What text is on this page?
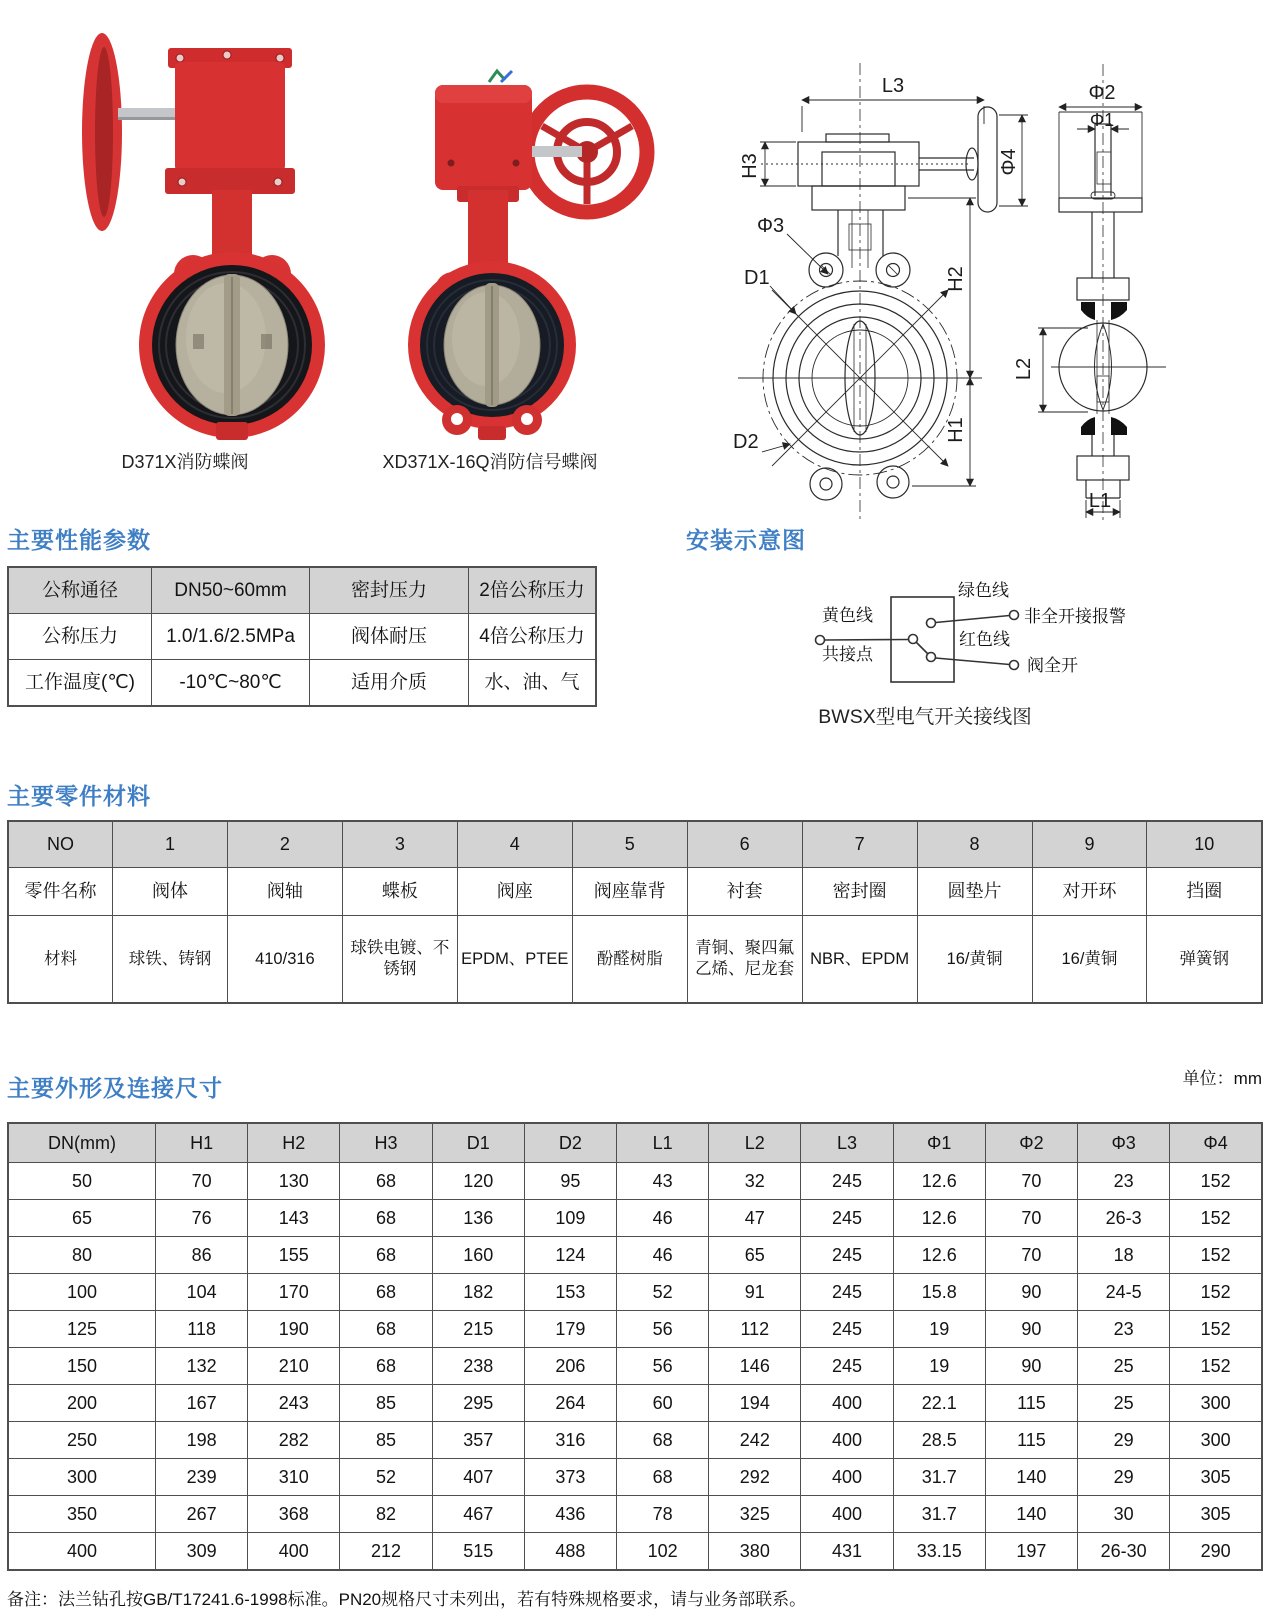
D371X消防蝶阀	XD371X-16Q消防信号蝶阀
L3
H3
Φ3
D1
D2
H2
H1
Φ4
Φ2
Φ1
L2
L1
主要性能参数
公称通径	DN50~60mm	密封压力	2倍公称压力
公称压力	1.0/1.6/2.5MPa	阀体耐压	4倍公称压力
工作温度(℃)	-10℃~80℃	适用介质	水、油、气
安装示意图
黄色线
共接点
绿色线
红色线
非全开接报警
阀全开
BWSX型电气开关接线图
主要零件材料
NO	1	2	3	4	5	6	7	8	9	10
零件名称	阀体	阀轴	蝶板	阀座	阀座靠背	衬套	密封圈	圆垫片	对开环	挡圈
材料	球铁、铸钢	410/316	球铁电镀、不锈钢	EPDM、PTEE	酚醛树脂	青铜、聚四氟乙烯、尼龙套	NBR、EPDM	16/黄铜	16/黄铜	弹簧钢
主要外形及连接尺寸	单位：mm
DN(mm)	H1	H2	H3	D1	D2	L1	L2	L3	Φ1	Φ2	Φ3	Φ4
50	70	130	68	120	95	43	32	245	12.6	70	23	152
65	76	143	68	136	109	46	47	245	12.6	70	26-3	152
80	86	155	68	160	124	46	65	245	12.6	70	18	152
100	104	170	68	182	153	52	91	245	15.8	90	24-5	152
125	118	190	68	215	179	56	112	245	19	90	23	152
150	132	210	68	238	206	56	146	245	19	90	25	152
200	167	243	85	295	264	60	194	400	22.1	115	25	300
250	198	282	85	357	316	68	242	400	28.5	115	29	300
300	239	310	52	407	373	68	292	400	31.7	140	29	305
350	267	368	82	467	436	78	325	400	31.7	140	30	305
400	309	400	212	515	488	102	380	431	33.15	197	26-30	290
备注：法兰钻孔按GB/T17241.6-1998标准。PN20规格尺寸未列出，若有特殊规格要求，请与业务部联系。
